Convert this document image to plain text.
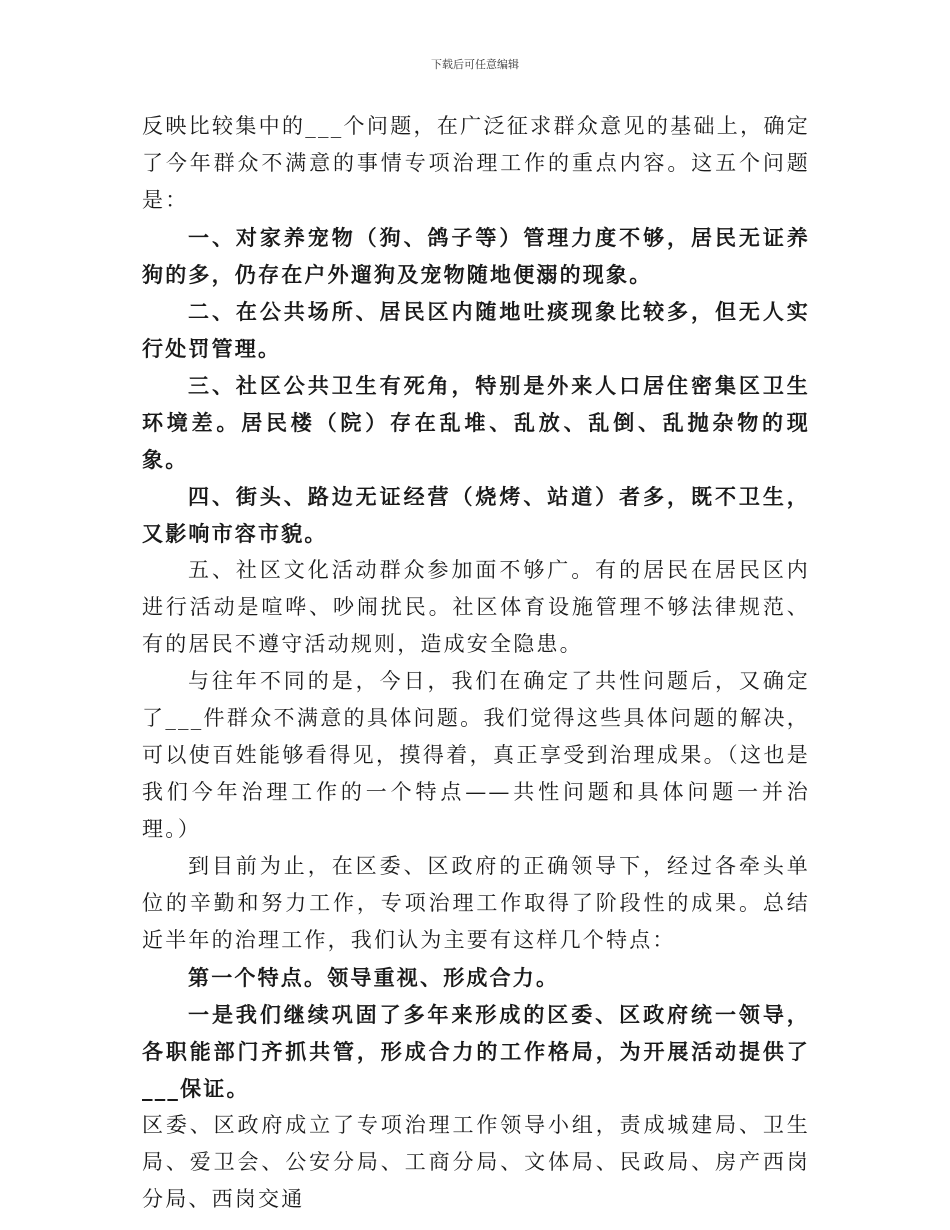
下载后可任意编辑

反映比较集中的___个问题，在广泛征求群众意见的基础上，确定了今年群众不满意的事情专项治理工作的重点内容。这五个问题是：

一、对家养宠物（狗、鸽子等）管理力度不够，居民无证养狗的多，仍存在户外遛狗及宠物随地便溺的现象。

二、在公共场所、居民区内随地吐痰现象比较多，但无人实行处罚管理。

三、社区公共卫生有死角，特别是外来人口居住密集区卫生环境差。居民楼（院）存在乱堆、乱放、乱倒、乱抛杂物的现象。

四、街头、路边无证经营（烧烤、站道）者多，既不卫生，又影响市容市貌。

五、社区文化活动群众参加面不够广。有的居民在居民区内进行活动是喧哗、吵闹扰民。社区体育设施管理不够法律规范、有的居民不遵守活动规则，造成安全隐患。

与往年不同的是，今日，我们在确定了共性问题后，又确定了___件群众不满意的具体问题。我们觉得这些具体问题的解决，可以使百姓能够看得见，摸得着，真正享受到治理成果。（这也是我们今年治理工作的一个特点——共性问题和具体问题一并治理。）

到目前为止，在区委、区政府的正确领导下，经过各牵头单位的辛勤和努力工作，专项治理工作取得了阶段性的成果。总结近半年的治理工作，我们认为主要有这样几个特点：

第一个特点。领导重视、形成合力。

一是我们继续巩固了多年来形成的区委、区政府统一领导，各职能部门齐抓共管，形成合力的工作格局，为开展活动提供了___保证。

区委、区政府成立了专项治理工作领导小组，责成城建局、卫生局、爱卫会、公安分局、工商分局、文体局、民政局、房产西岗分局、西岗交通
